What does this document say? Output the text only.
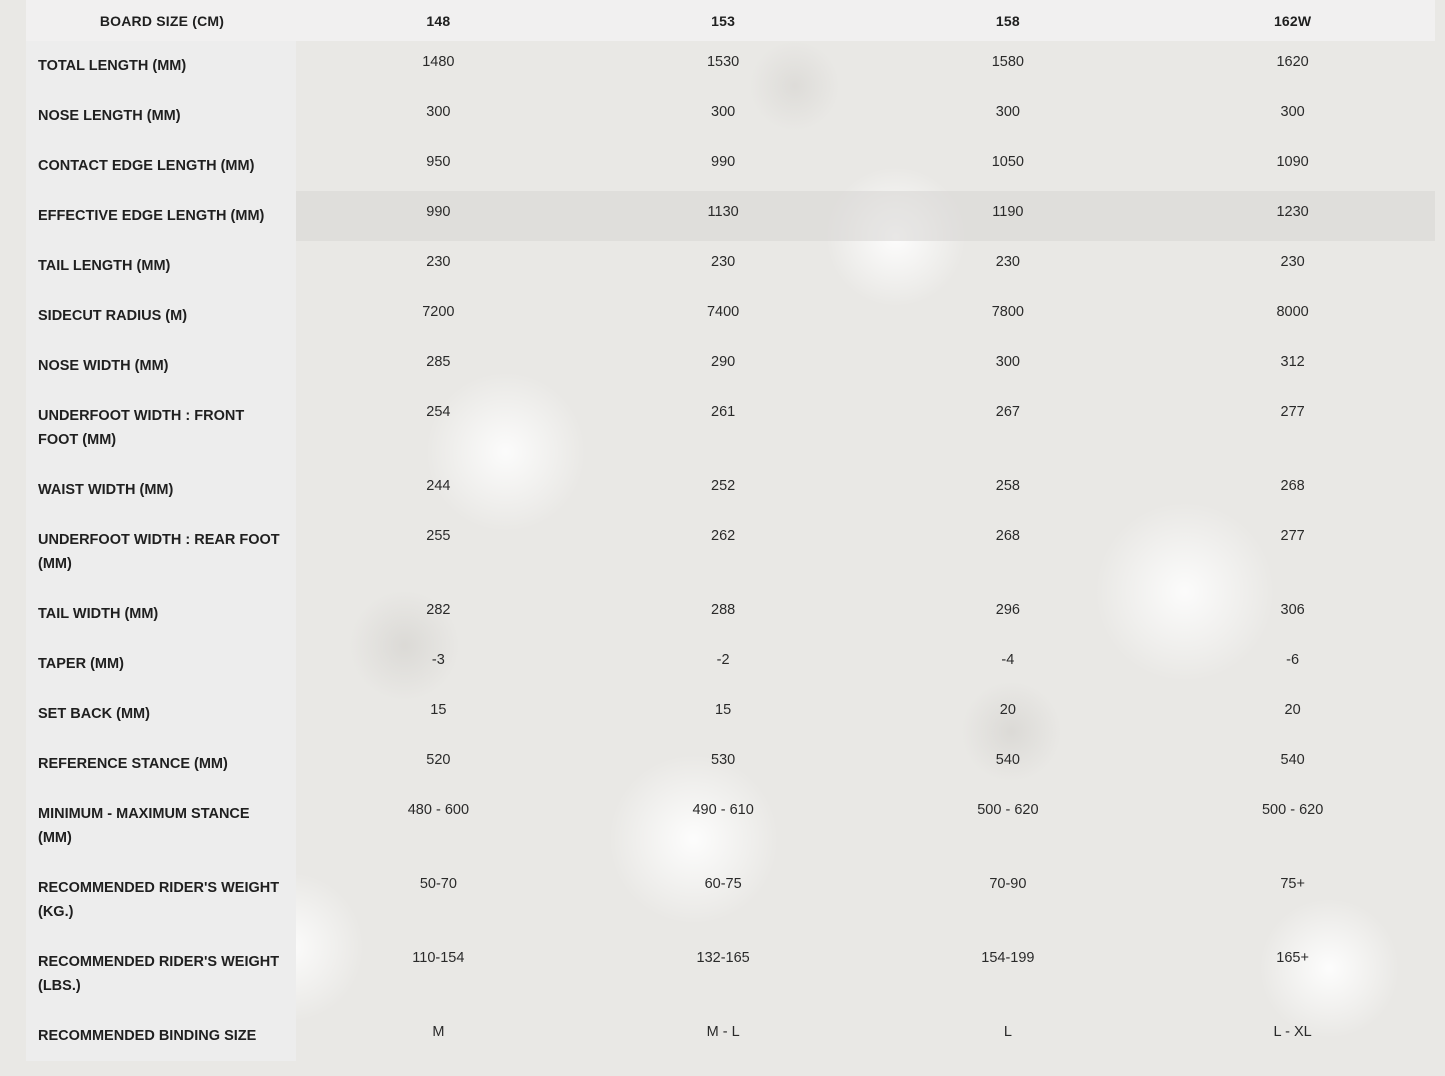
BOARD SIZE (CM)	148	153	158	162W
TOTAL LENGTH (MM)	1480	1530	1580	1620
NOSE LENGTH (MM)	300	300	300	300
CONTACT EDGE LENGTH (MM)	950	990	1050	1090
EFFECTIVE EDGE LENGTH (MM)	990	1130	1190	1230
TAIL LENGTH (MM)	230	230	230	230
SIDECUT RADIUS (M)	7200	7400	7800	8000
NOSE WIDTH (MM)	285	290	300	312
UNDERFOOT WIDTH : FRONT FOOT (MM)	254	261	267	277
WAIST WIDTH (MM)	244	252	258	268
UNDERFOOT WIDTH : REAR FOOT (MM)	255	262	268	277
TAIL WIDTH (MM)	282	288	296	306
TAPER (MM)	-3	-2	-4	-6
SET BACK (MM)	15	15	20	20
REFERENCE STANCE (MM)	520	530	540	540
MINIMUM - MAXIMUM STANCE (MM)	480 - 600	490 - 610	500 - 620	500 - 620
RECOMMENDED RIDER'S WEIGHT (KG.)	50-70	60-75	70-90	75+
RECOMMENDED RIDER'S WEIGHT (LBS.)	110-154	132-165	154-199	165+
RECOMMENDED BINDING SIZE	M	M - L	L	L - XL
